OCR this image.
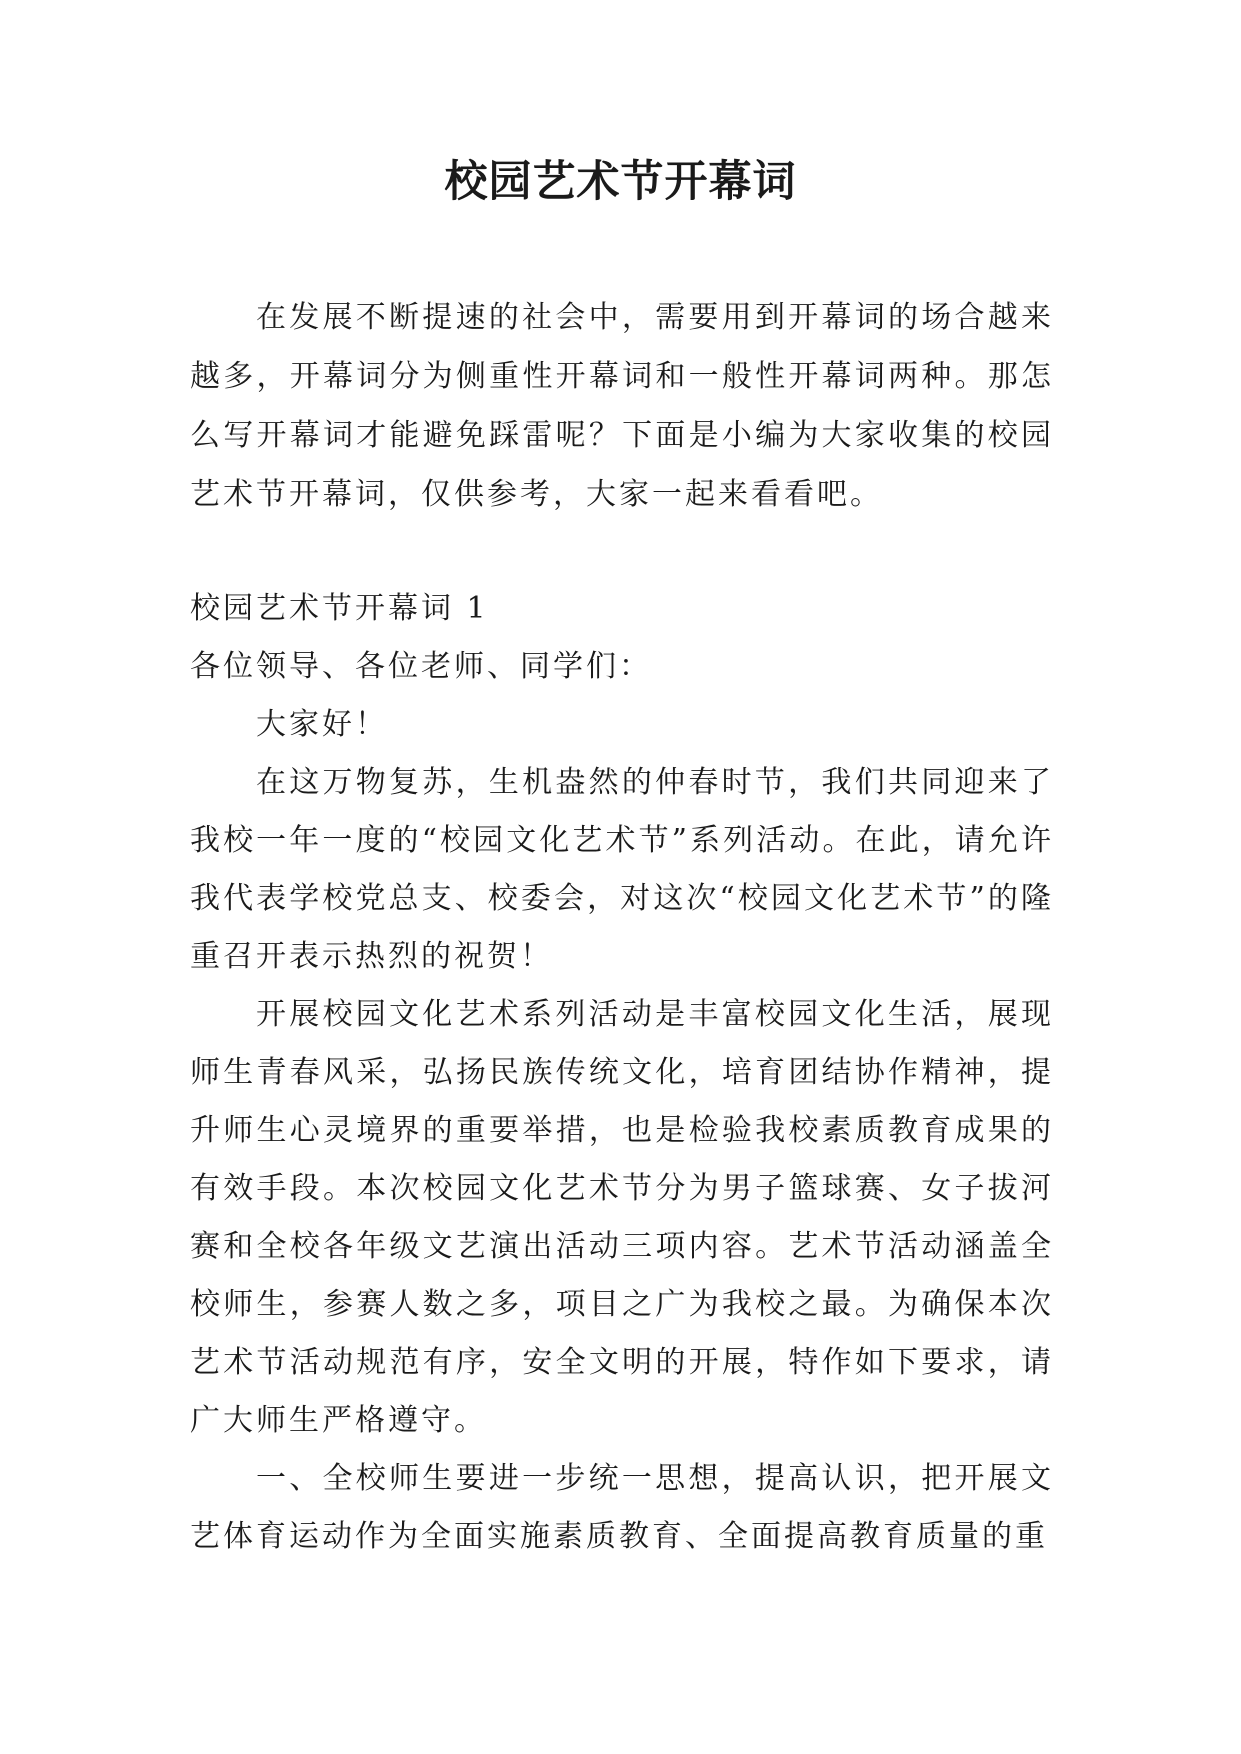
校园艺术节开幕词

在发展不断提速的社会中，需要用到开幕词的场合越来越多，开幕词分为侧重性开幕词和一般性开幕词两种。那怎么写开幕词才能避免踩雷呢？下面是小编为大家收集的校园艺术节开幕词，仅供参考，大家一起来看看吧。

校园艺术节开幕词 1

各位领导、各位老师、同学们：

大家好！

在这万物复苏，生机盎然的仲春时节，我们共同迎来了我校一年一度的“校园文化艺术节”系列活动。在此，请允许我代表学校党总支、校委会，对这次“校园文化艺术节”的隆重召开表示热烈的祝贺！

开展校园文化艺术系列活动是丰富校园文化生活，展现师生青春风采，弘扬民族传统文化，培育团结协作精神，提升师生心灵境界的重要举措，也是检验我校素质教育成果的有效手段。本次校园文化艺术节分为男子篮球赛、女子拔河赛和全校各年级文艺演出活动三项内容。艺术节活动涵盖全校师生，参赛人数之多，项目之广为我校之最。为确保本次艺术节活动规范有序，安全文明的开展，特作如下要求，请广大师生严格遵守。

一、全校师生要进一步统一思想，提高认识，把开展文艺体育运动作为全面实施素质教育、全面提高教育质量的重
